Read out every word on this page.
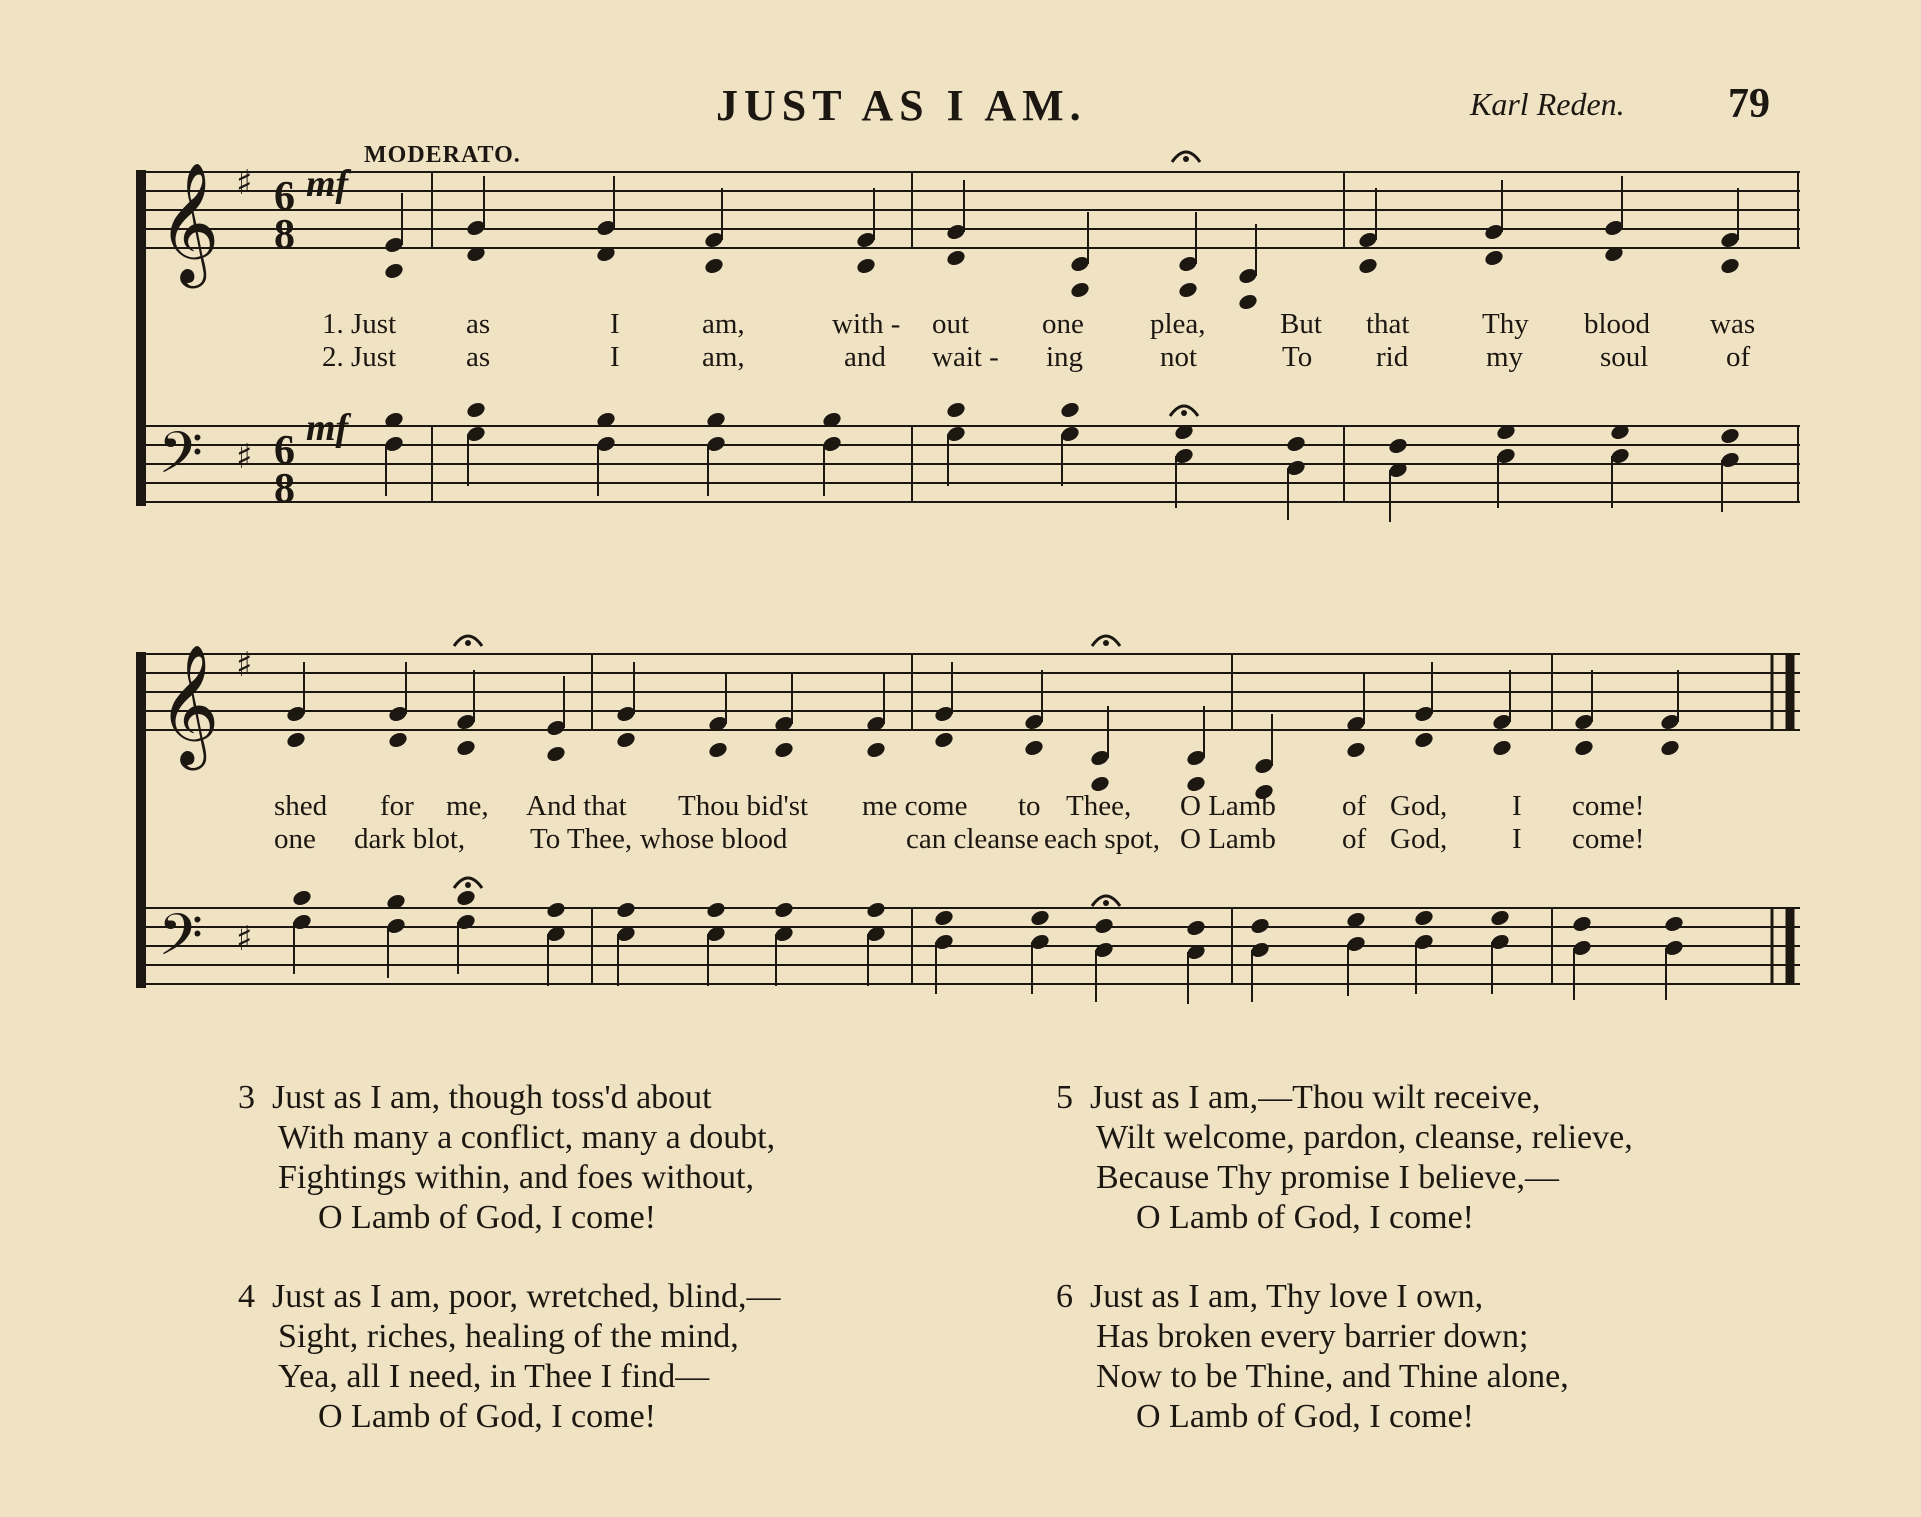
JUST AS I AM.	Karl Reden. 79
MODERATO.
𝄞
𝄢
♯
♯
6
8
6
8
𝄞
𝄢
♯
♯
mf
mf
1. Just as	I	am,	with - out	one plea,	But that	Thy blood was
2. Just as	I	am,	and wait - ing	not	To rid	my	soul	of
shed for me, And that Thou bid'st me come to Thee, O Lamb of God, I come!
one dark blot, To Thee, whose blood	can cleanse each spot, O Lamb of God, I come!
3 Just as I am, though toss'd about
With many a conflict, many a doubt,
Fightings within, and foes without,
O Lamb of God, I come!
4 Just as I am, poor, wretched, blind,—
Sight, riches, healing of the mind,
Yea, all I need, in Thee I find—
O Lamb of God, I come!
5 Just as I am,—Thou wilt receive,
Wilt welcome, pardon, cleanse, relieve,
Because Thy promise I believe,—
O Lamb of God, I come!
6 Just as I am, Thy love I own,
Has broken every barrier down;
Now to be Thine, and Thine alone,
O Lamb of God, I come!
